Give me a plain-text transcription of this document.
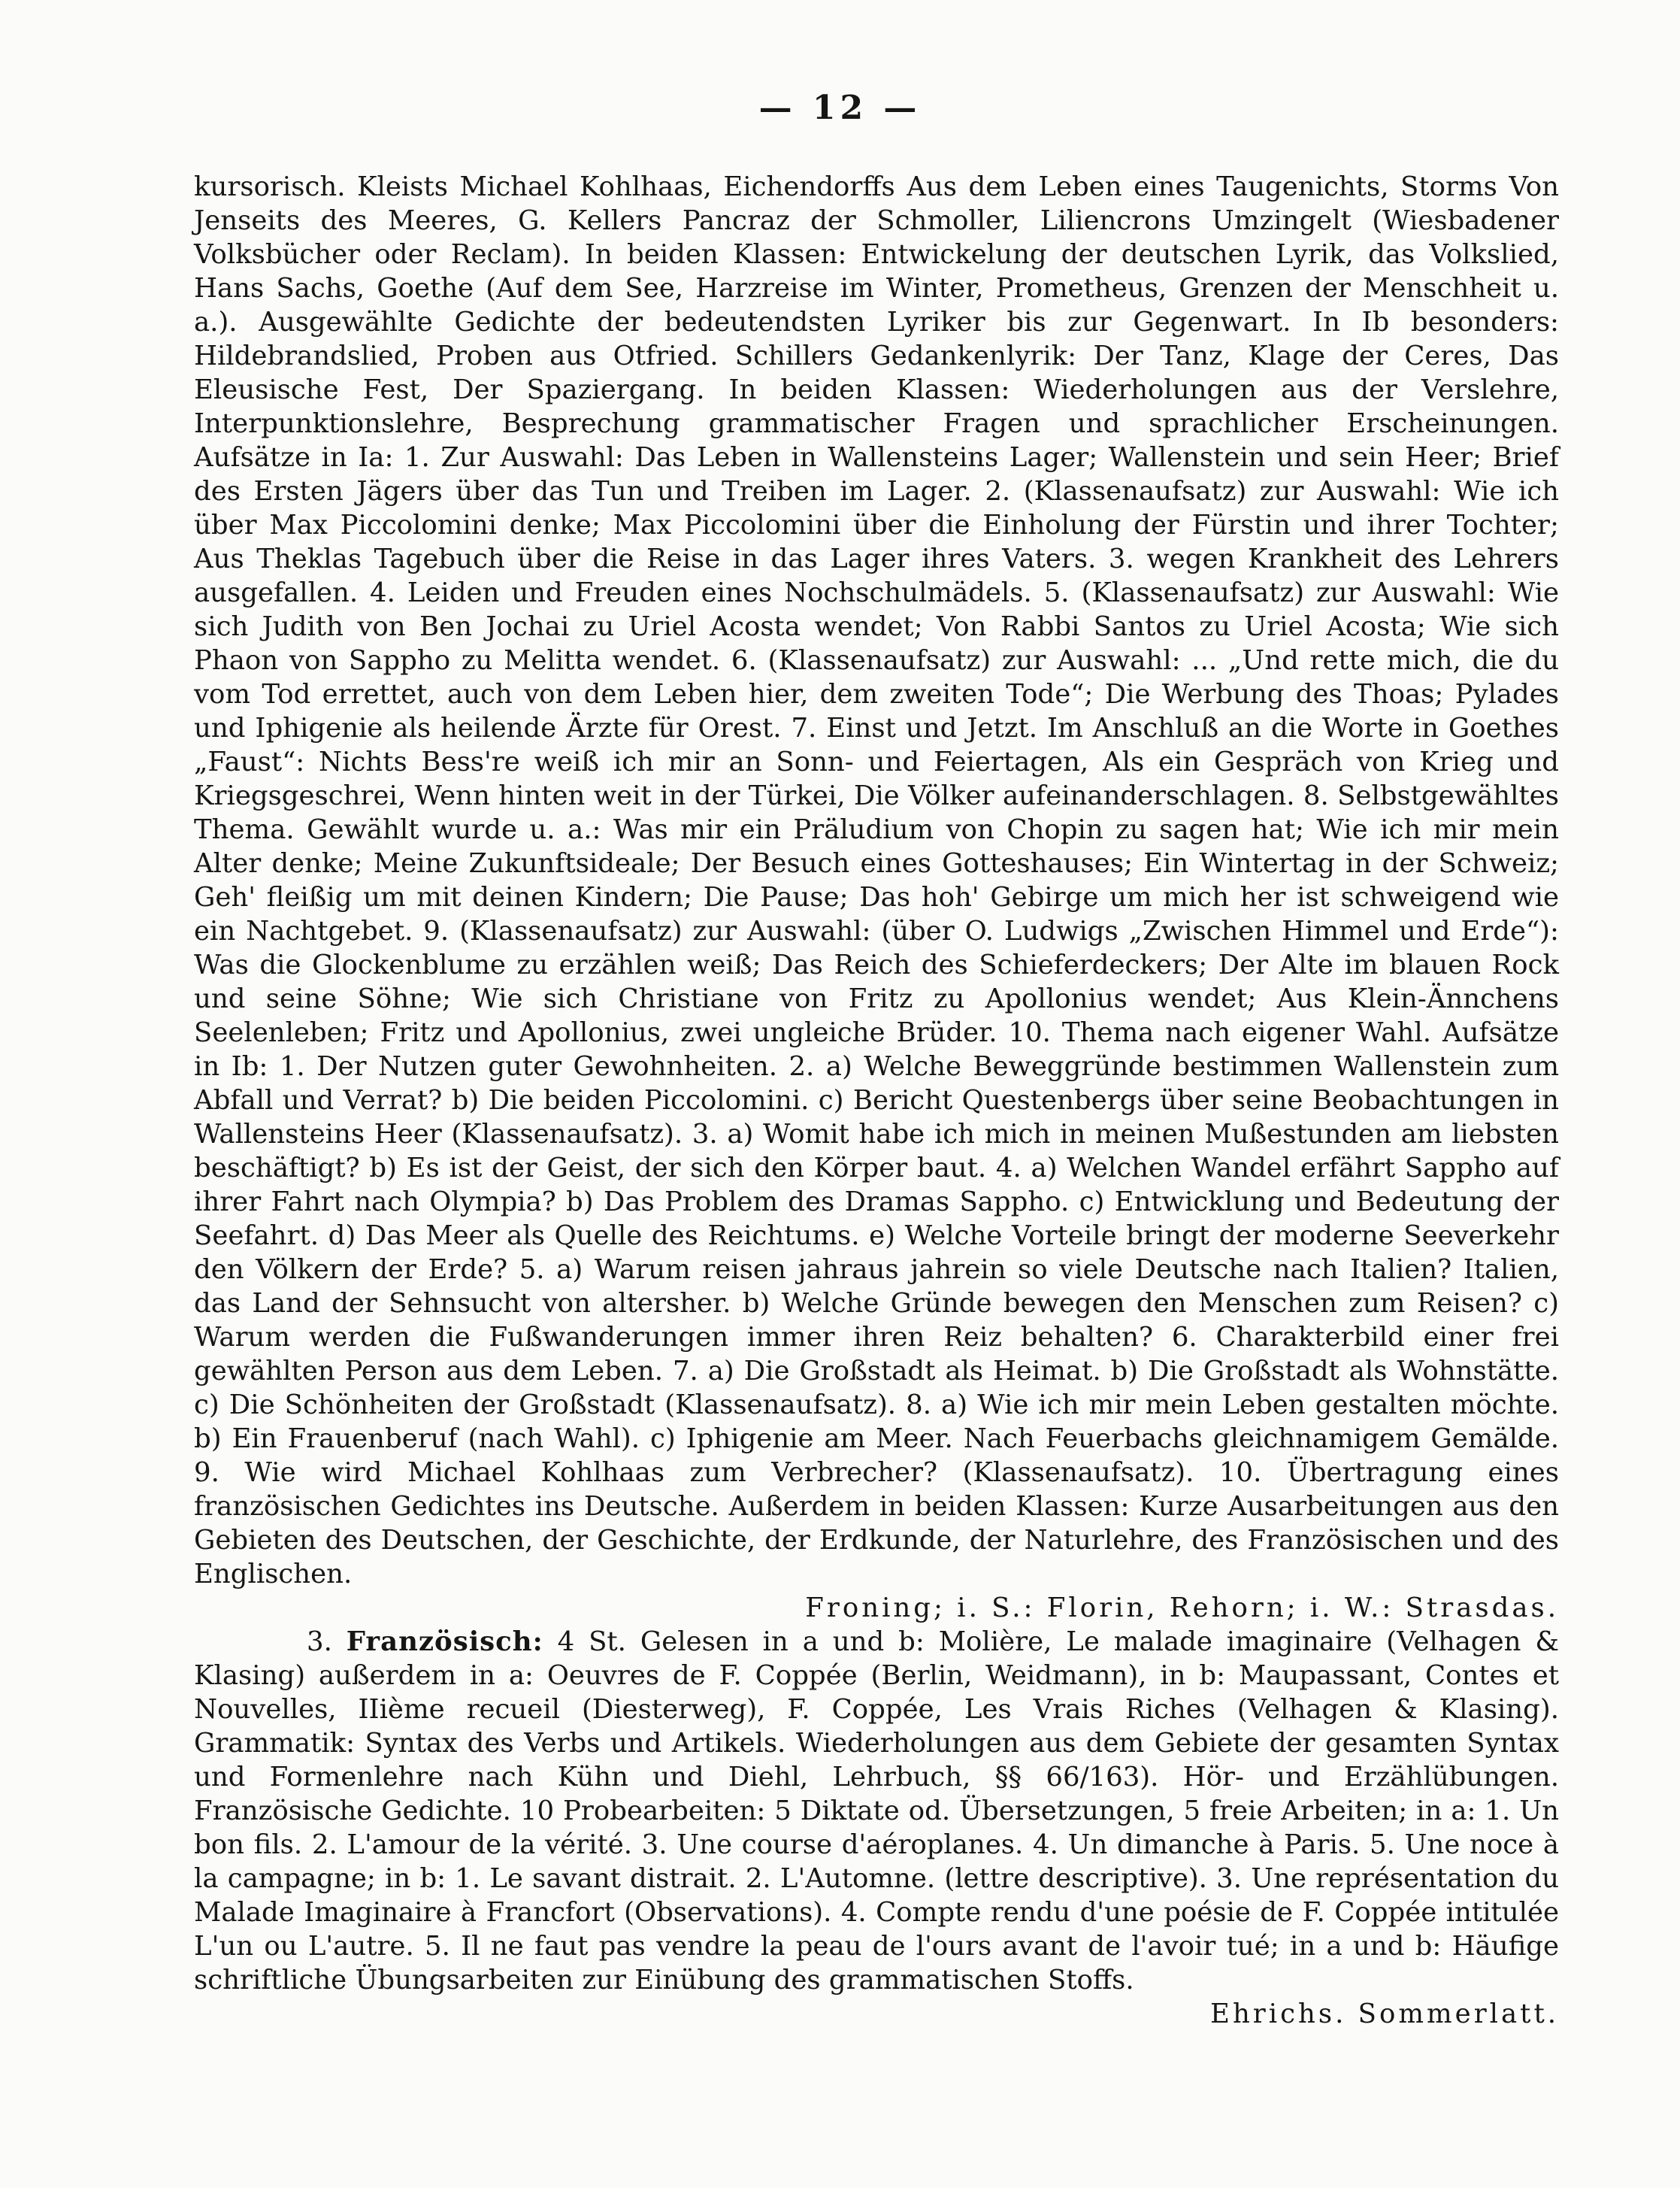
— 12 —

kursorisch. Kleists Michael Kohlhaas, Eichendorffs Aus dem Leben eines Taugenichts, Storms Von Jenseits des Meeres, G. Kellers Pancraz der Schmoller, Liliencrons Umzingelt (Wiesbadener Volksbücher oder Reclam). In beiden Klassen: Entwickelung der deutschen Lyrik, das Volkslied, Hans Sachs, Goethe (Auf dem See, Harzreise im Winter, Prometheus, Grenzen der Menschheit u. a.). Ausgewählte Gedichte der bedeutendsten Lyriker bis zur Gegenwart. In Ib besonders: Hildebrandslied, Proben aus Otfried. Schillers Gedankenlyrik: Der Tanz, Klage der Ceres, Das Eleusische Fest, Der Spaziergang. In beiden Klassen: Wiederholungen aus der Verslehre, Interpunktionslehre, Besprechung grammatischer Fragen und sprachlicher Erscheinungen. Aufsätze in Ia: 1. Zur Auswahl: Das Leben in Wallensteins Lager; Wallenstein und sein Heer; Brief des Ersten Jägers über das Tun und Treiben im Lager. 2. (Klassenaufsatz) zur Auswahl: Wie ich über Max Piccolomini denke; Max Piccolomini über die Einholung der Fürstin und ihrer Tochter; Aus Theklas Tagebuch über die Reise in das Lager ihres Vaters. 3. wegen Krankheit des Lehrers ausgefallen. 4. Leiden und Freuden eines Nochschulmädels. 5. (Klassenaufsatz) zur Auswahl: Wie sich Judith von Ben Jochai zu Uriel Acosta wendet; Von Rabbi Santos zu Uriel Acosta; Wie sich Phaon von Sappho zu Melitta wendet. 6. (Klassenaufsatz) zur Auswahl: ... „Und rette mich, die du vom Tod errettet, auch von dem Leben hier, dem zweiten Tode“; Die Werbung des Thoas; Pylades und Iphigenie als heilende Ärzte für Orest. 7. Einst und Jetzt. Im Anschluß an die Worte in Goethes „Faust“: Nichts Bess're weiß ich mir an Sonn- und Feiertagen, Als ein Gespräch von Krieg und Kriegsgeschrei, Wenn hinten weit in der Türkei, Die Völker aufeinanderschlagen. 8. Selbstgewähltes Thema. Gewählt wurde u. a.: Was mir ein Präludium von Chopin zu sagen hat; Wie ich mir mein Alter denke; Meine Zukunftsideale; Der Besuch eines Gotteshauses; Ein Wintertag in der Schweiz; Geh' fleißig um mit deinen Kindern; Die Pause; Das hoh' Gebirge um mich her ist schweigend wie ein Nachtgebet. 9. (Klassenaufsatz) zur Auswahl: (über O. Ludwigs „Zwischen Himmel und Erde“): Was die Glockenblume zu erzählen weiß; Das Reich des Schieferdeckers; Der Alte im blauen Rock und seine Söhne; Wie sich Christiane von Fritz zu Apollonius wendet; Aus Klein-Ännchens Seelenleben; Fritz und Apollonius, zwei ungleiche Brüder. 10. Thema nach eigener Wahl. Aufsätze in Ib: 1. Der Nutzen guter Gewohnheiten. 2. a) Welche Beweggründe bestimmen Wallenstein zum Abfall und Verrat? b) Die beiden Piccolomini. c) Bericht Questenbergs über seine Beobachtungen in Wallensteins Heer (Klassenaufsatz). 3. a) Womit habe ich mich in meinen Mußestunden am liebsten beschäftigt? b) Es ist der Geist, der sich den Körper baut. 4. a) Welchen Wandel erfährt Sappho auf ihrer Fahrt nach Olympia? b) Das Problem des Dramas Sappho. c) Entwicklung und Bedeutung der Seefahrt. d) Das Meer als Quelle des Reichtums. e) Welche Vorteile bringt der moderne Seeverkehr den Völkern der Erde? 5. a) Warum reisen jahraus jahrein so viele Deutsche nach Italien? Italien, das Land der Sehnsucht von altersher. b) Welche Gründe bewegen den Menschen zum Reisen? c) Warum werden die Fußwanderungen immer ihren Reiz behalten? 6. Charakterbild einer frei gewählten Person aus dem Leben. 7. a) Die Großstadt als Heimat. b) Die Großstadt als Wohnstätte. c) Die Schönheiten der Großstadt (Klassenaufsatz). 8. a) Wie ich mir mein Leben gestalten möchte. b) Ein Frauenberuf (nach Wahl). c) Iphigenie am Meer. Nach Feuerbachs gleichnamigem Gemälde. 9. Wie wird Michael Kohlhaas zum Verbrecher? (Klassenaufsatz). 10. Übertragung eines französischen Gedichtes ins Deutsche. Außerdem in beiden Klassen: Kurze Ausarbeitungen aus den Gebieten des Deutschen, der Geschichte, der Erdkunde, der Naturlehre, des Französischen und des Englischen.

Froning; i. S.: Florin, Rehorn; i. W.: Strasdas.

3. Französisch: 4 St. Gelesen in a und b: Molière, Le malade imaginaire (Velhagen & Klasing) außerdem in a: Oeuvres de F. Coppée (Berlin, Weidmann), in b: Maupassant, Contes et Nouvelles, IIième recueil (Diesterweg), F. Coppée, Les Vrais Riches (Velhagen & Klasing). Grammatik: Syntax des Verbs und Artikels. Wiederholungen aus dem Gebiete der gesamten Syntax und Formenlehre nach Kühn und Diehl, Lehrbuch, §§ 66/163). Hör- und Erzählübungen. Französische Gedichte. 10 Probearbeiten: 5 Diktate od. Übersetzungen, 5 freie Arbeiten; in a: 1. Un bon fils. 2. L'amour de la vérité. 3. Une course d'aéroplanes. 4. Un dimanche à Paris. 5. Une noce à la campagne; in b: 1. Le savant distrait. 2. L'Automne. (lettre descriptive). 3. Une représentation du Malade Imaginaire à Francfort (Observations). 4. Compte rendu d'une poésie de F. Coppée intitulée L'un ou L'autre. 5. Il ne faut pas vendre la peau de l'ours avant de l'avoir tué; in a und b: Häufige schriftliche Übungsarbeiten zur Einübung des grammatischen Stoffs.

Ehrichs. Sommerlatt.
